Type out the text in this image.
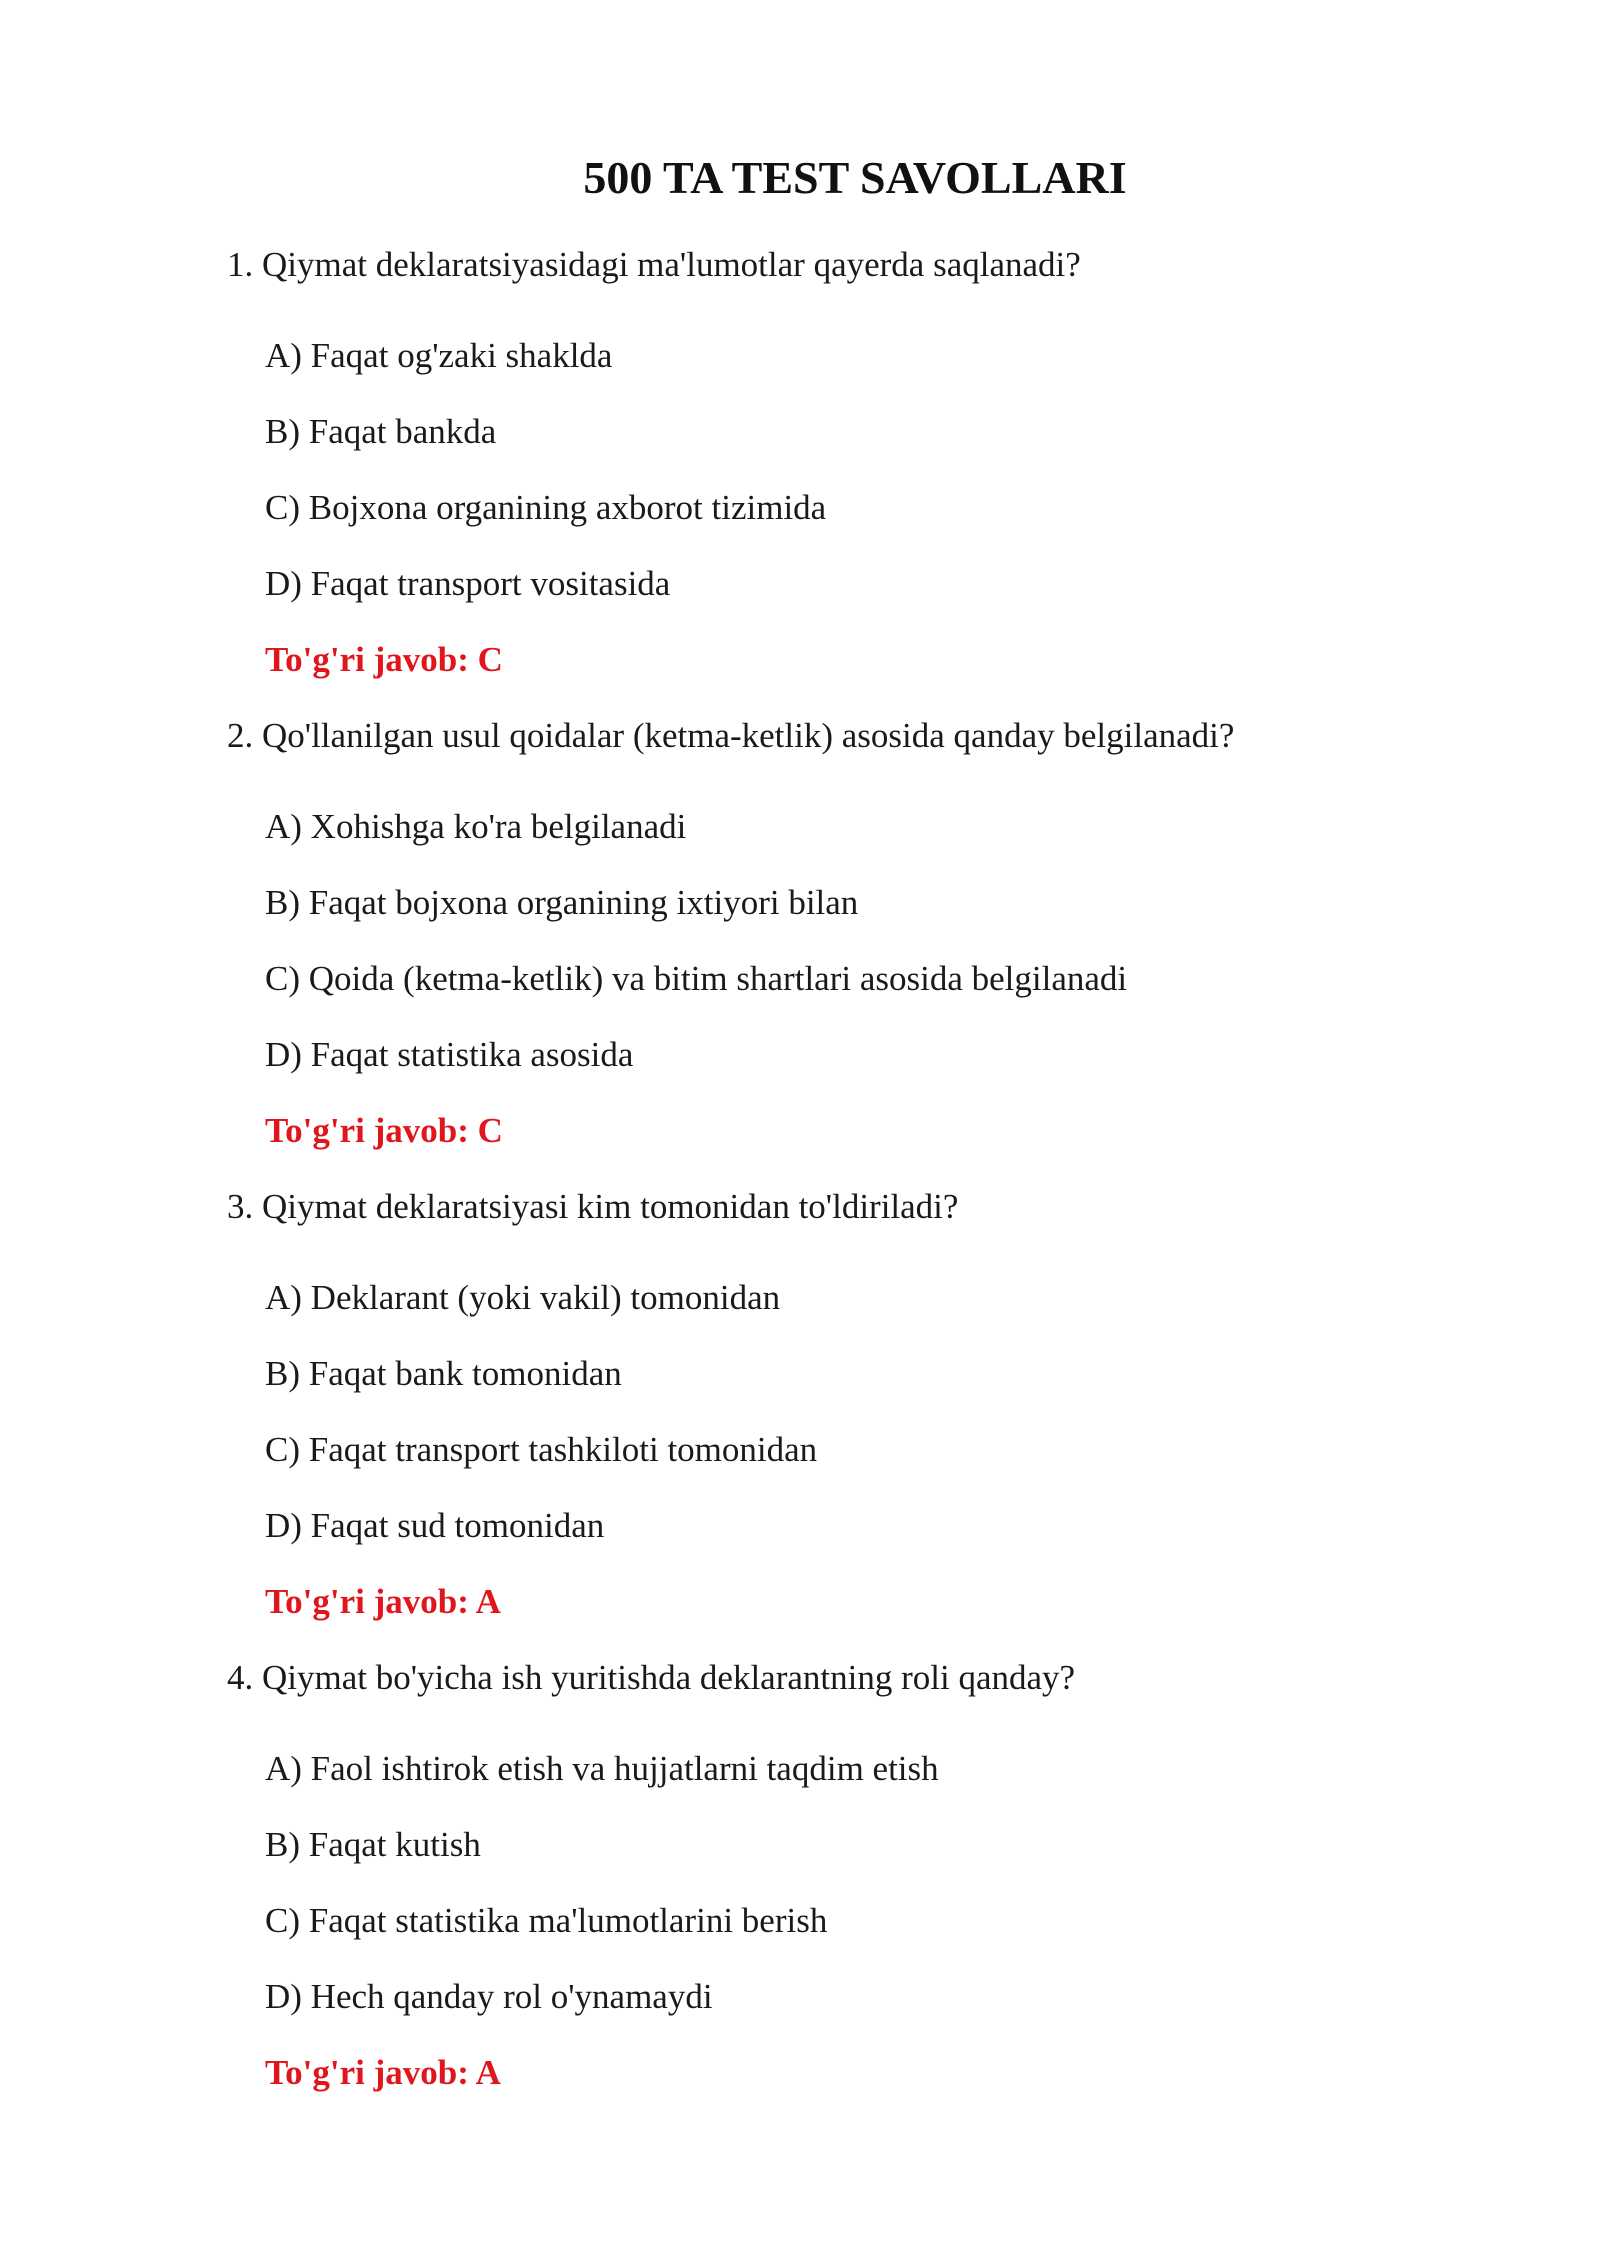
500 TA TEST SAVOLLARI

1. Qiymat deklaratsiyasidagi ma'lumotlar qayerda saqlanadi?

A) Faqat og'zaki shaklda

B) Faqat bankda

C) Bojxona organining axborot tizimida

D) Faqat transport vositasida

To'g'ri javob: C

2. Qo'llanilgan usul qoidalar (ketma-ketlik) asosida qanday belgilanadi?

A) Xohishga ko'ra belgilanadi

B) Faqat bojxona organining ixtiyori bilan

C) Qoida (ketma-ketlik) va bitim shartlari asosida belgilanadi

D) Faqat statistika asosida

To'g'ri javob: C

3. Qiymat deklaratsiyasi kim tomonidan to'ldiriladi?

A) Deklarant (yoki vakil) tomonidan

B) Faqat bank tomonidan

C) Faqat transport tashkiloti tomonidan

D) Faqat sud tomonidan

To'g'ri javob: A

4. Qiymat bo'yicha ish yuritishda deklarantning roli qanday?

A) Faol ishtirok etish va hujjatlarni taqdim etish

B) Faqat kutish

C) Faqat statistika ma'lumotlarini berish

D) Hech qanday rol o'ynamaydi

To'g'ri javob: A
